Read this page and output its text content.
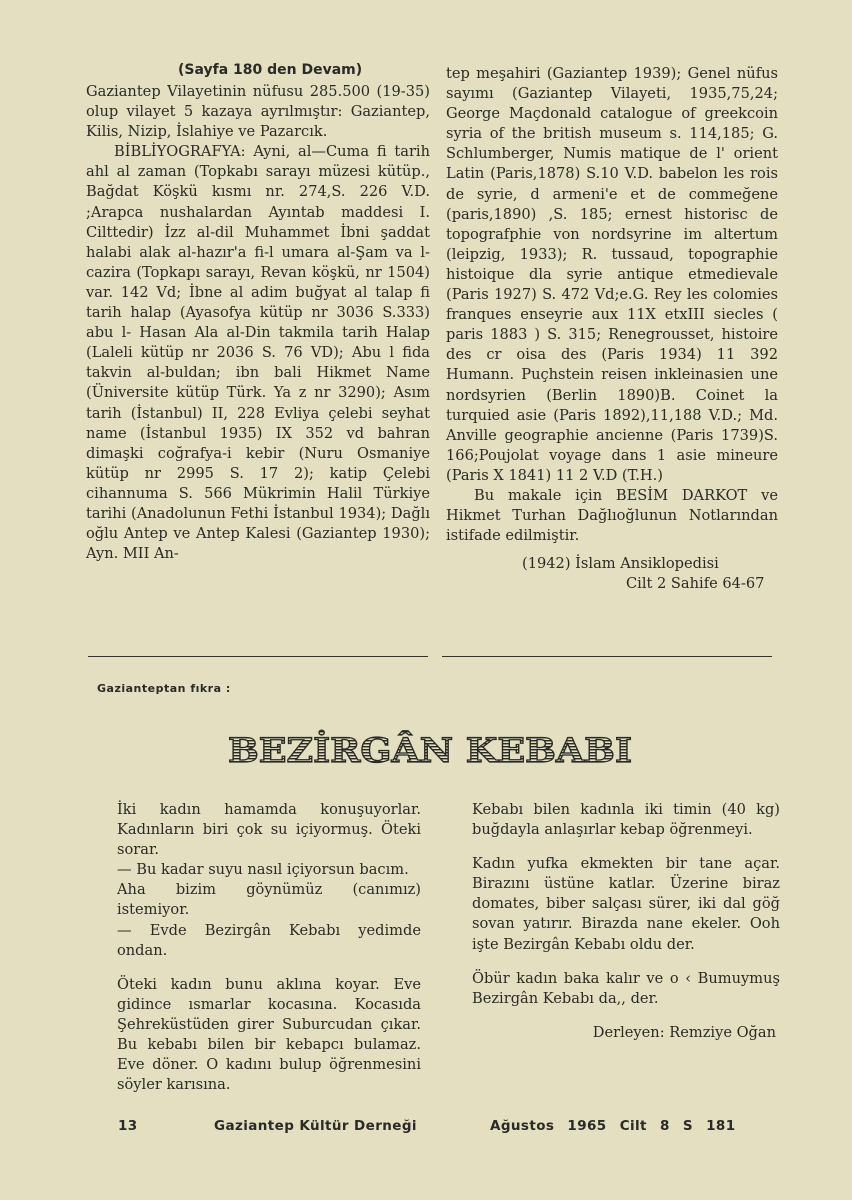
(Sayfa 180 den Devam)

Gaziantep Vilayetinin nüfusu 285.500 (19-35) olup vilayet 5 kazaya ayrılmıştır: Gaziantep, Kilis, Nizip, İslahiye ve Pazarcık.

BİBLİYOGRAFYA: Ayni, al—Cuma fi tarih ahl al zaman (Topkabı sarayı müzesi kütüp., Bağdat Köşkü kısmı nr. 274,S. 226 V.D. ;Arapca nushalardan Ayıntab maddesi I. Cilttedir) İzz al-dil Muhammet İbni şaddat halabi alak al-hazır'a fi-l umara al-Şam va l-cazira (Topkapı sarayı, Revan köşkü, nr 1504) var. 142 Vd; İbne al adim buğyat al talap fi tarih halap (Ayasofya kütüp nr 3036 S.333) abu l- Hasan Ala al-Din takmila tarih Halap (Laleli kütüp nr 2036 S. 76 VD); Abu l fida takvin al-buldan; ibn bali Hikmet Name (Üniversite kütüp Türk. Ya z nr 3290); Asım tarih (İstanbul) II, 228 Evliya çelebi seyhat name (İstanbul 1935) IX 352 vd bahran dimaşki coğrafya-i kebir (Nuru Osmaniye kütüp nr 2995 S. 17 2); katip Çelebi cihannuma S. 566 Mükrimin Halil Türkiye tarihi (Anadolunun Fethi İstanbul 1934); Dağlı oğlu Antep ve Antep Kalesi (Gaziantep 1930); Ayn. MII An-

tep meşahiri (Gaziantep 1939); Genel nüfus sayımı (Gaziantep Vilayeti, 1935,75,24; George Maçdonald catalogue of greekcoin syria of the british museum s. 114,185; G. Schlumberger, Numis matique de l' orient Latin (Paris,1878) S.10 V.D. babelon les rois de syrie, d armeni'e et de commeğene (paris,1890) ,S. 185; ernest historisc de topografphie von nordsyrine im altertum (leipzig, 1933); R. tussaud, topographie histoique dla syrie antique etmedievale (Paris 1927) S. 472 Vd;e.G. Rey les colomies franques enseyrie aux 11X etxIII siecles ( paris 1883 ) S. 315; Renegrousset, histoire des cr oisa des (Paris 1934) 11 392 Humann. Puçhstein reisen inkleinasien une nordsyrien (Berlin 1890)B. Coinet la turquied asie (Paris 1892),11,188 V.D.; Md. Anville geographie ancienne (Paris 1739)S. 166;Poujolat voyage dans 1 asie mineure (Paris X 1841) 11 2 V.D (T.H.)

Bu makale için BESİM DARKOT ve Hikmet Turhan Dağlıoğlunun Notlarından istifade edilmiştir.

(1942) İslam Ansiklopedisi

Cilt 2 Sahife 64-67

Gazianteptan fıkra :
BEZİRGÂN KEBABI

İki kadın hamamda konuşuyorlar. Kadınların biri çok su içiyormuş. Öteki sorar.

— Bu kadar suyu nasıl içiyorsun bacım.

Aha bizim göynümüz (canımız) istemiyor.

— Evde Bezirgân Kebabı yedimde ondan.

Öteki kadın bunu aklına koyar. Eve gidince ısmarlar kocasına. Kocasıda Şehreküstüden girer Suburcudan çıkar. Bu kebabı bilen bir kebapcı bulamaz. Eve döner. O kadını bulup öğrenmesini söyler karısına.

Kebabı bilen kadınla iki timin (40 kg) buğdayla anlaşırlar kebap öğrenmeyi.

Kadın yufka ekmekten bir tane açar. Birazını üstüne katlar. Üzerine biraz domates, biber salçası sürer, iki dal göğ sovan yatırır. Birazda nane ekeler. Ooh işte Bezirgân Kebabı oldu der.

Öbür kadın baka kalır ve o ‹ Bumuymuş Bezirgân Kebabı da,, der.

Derleyen: Remziye Oğan

13	Gaziantep Kültür Derneği	Ağustos 1965 Cilt 8 S 181
